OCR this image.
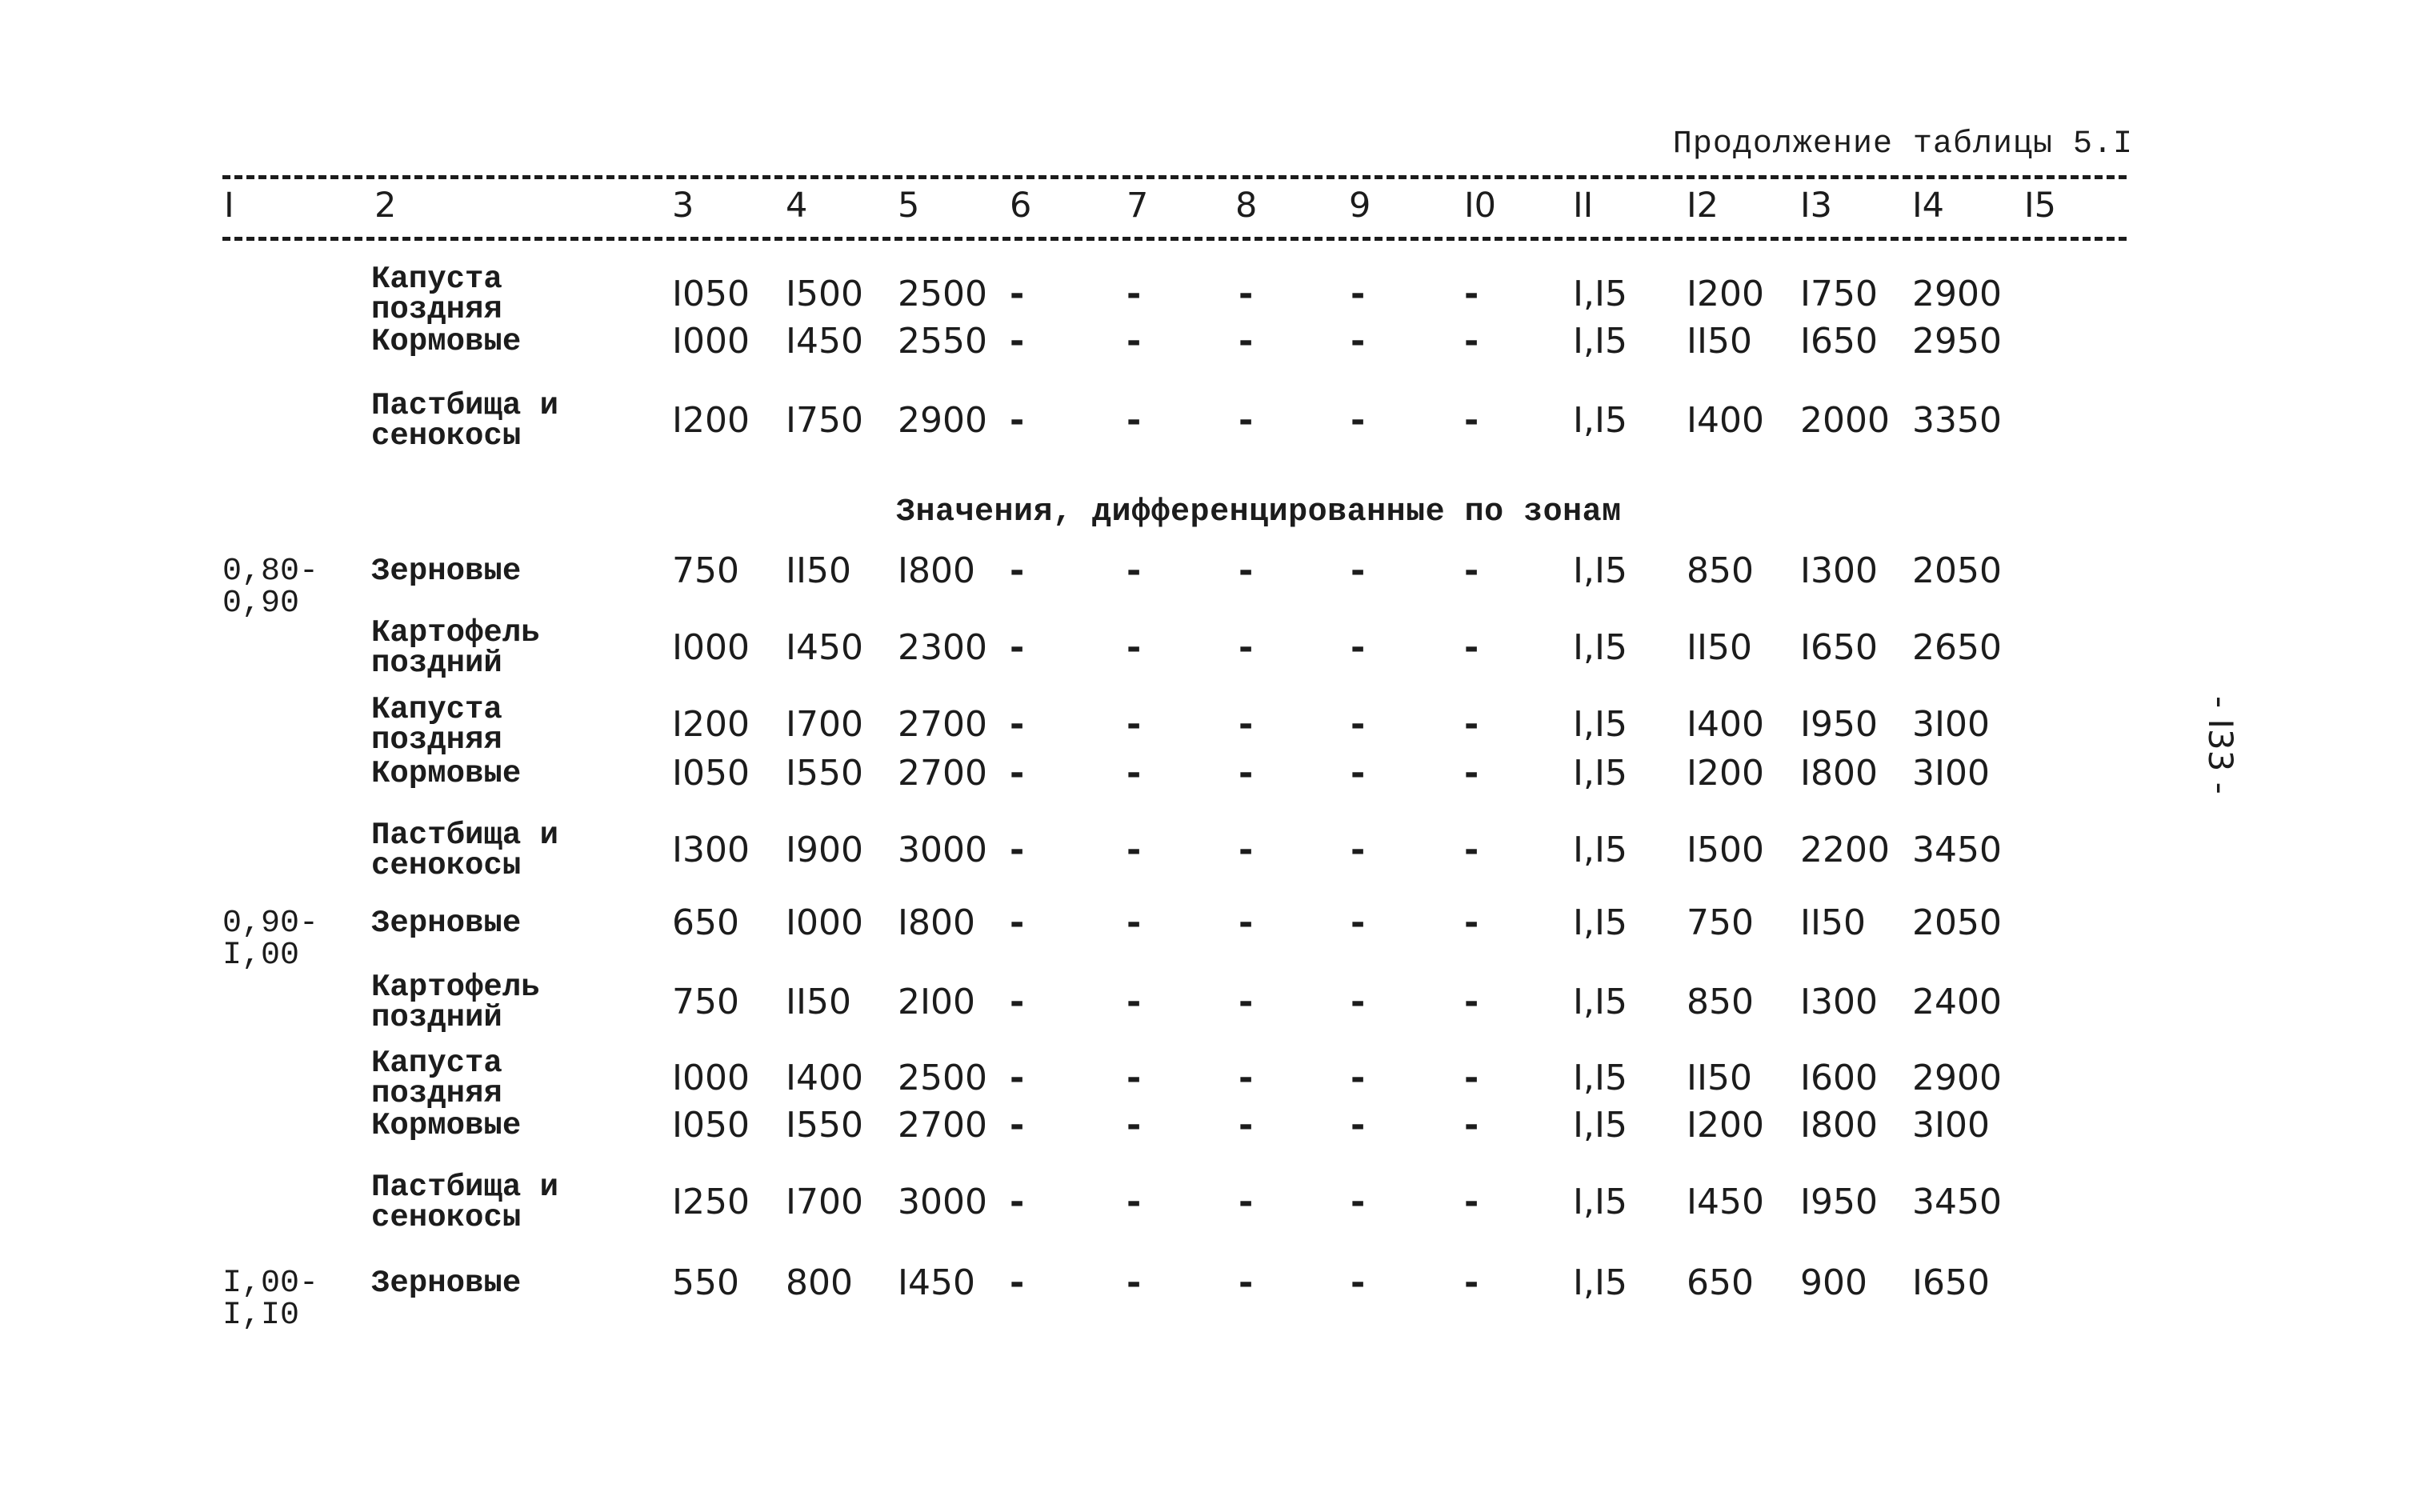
Продолжение таблицы 5.I
I	2	3	4	5	6	7	8	9	I0 II	I2 I3 I4 I5
Капуста
поздняя	I050 I500 2500 -	-	-	-	-	I,I5 I200 I750 2900
Кормовые	I000 I450 2550 -	-	-	-	-	I,I5 II50 I650 2950
Пастбища и
сенокосы	I200 I750 2900 -	-	-	-	-	I,I5 I400 2000 3350
0,80-
0,90
Зерновые	750 II50 I800 -	-	-	-	-	I,I5 850 I300 2050
Картофель
поздний	I000 I450 2300 -	-	-	-	-	I,I5 II50 I650 2650
Капуста
поздняя	I200 I700 2700 -	-	-	-	-	I,I5 I400 I950 3I00
Кормовые	I050 I550 2700 -	-	-	-	-	I,I5 I200 I800 3I00
Пастбища и
сенокосы	I300 I900 3000 -	-	-	-	-	I,I5 I500 2200 3450
0,90-
I,00
Зерновые	650 I000 I800 -	-	-	-	-	I,I5 750 II50 2050
Картофель
поздний	750 II50 2I00 -	-	-	-	-	I,I5 850 I300 2400
Капуста
поздняя	I000 I400 2500 -	-	-	-	-	I,I5 II50 I600 2900
Кормовые	I050 I550 2700 -	-	-	-	-	I,I5 I200 I800 3I00
Пастбища и
сенокосы	I250 I700 3000 -	-	-	-	-	I,I5 I450 I950 3450
I,00-
I,I0
Зерновые	550 800 I450 -	-	-	-	-	I,I5 650 900 I650
Значения, дифференцированные по зонам
- I33 -
